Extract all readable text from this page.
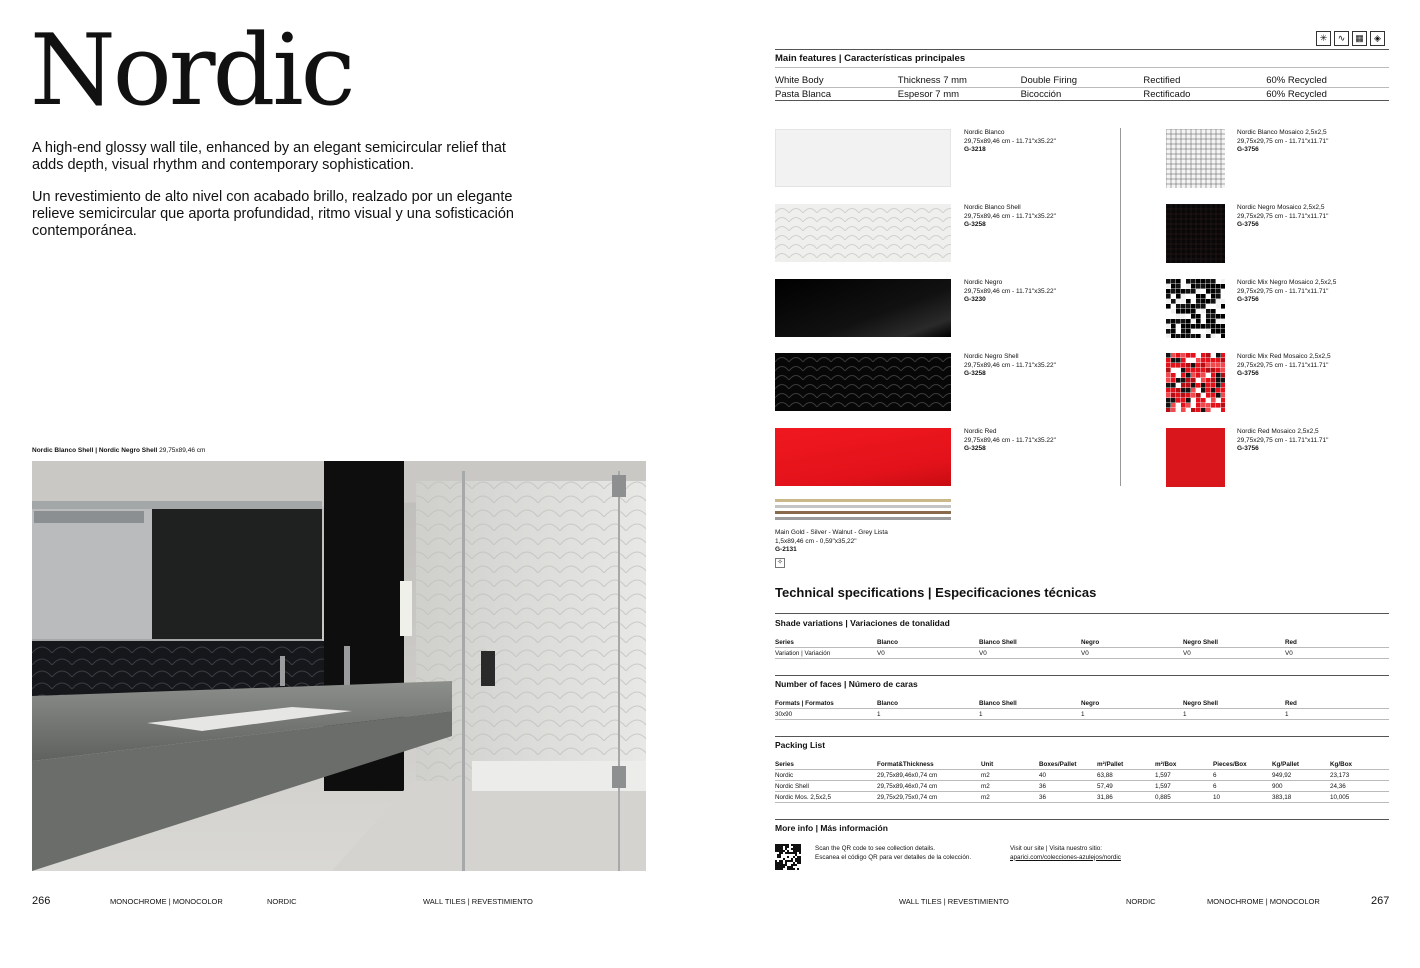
Nordic

A high-end glossy wall tile, enhanced by an elegant semicircular relief that adds depth, visual rhythm and contemporary sophistication.

Un revestimiento de alto nivel con acabado brillo, realzado por un elegante relieve semicircular que aporta profundidad, ritmo visual y una sofisticación contemporánea.

Nordic Blanco Shell | Nordic Negro Shell 29,75x89,46 cm
266	MONOCHROME | MONOCOLOR	NORDIC	WALL TILES | REVESTIMIENTO
✳	∿	▦	◈
Main features | Características principales
White Body	Thickness 7 mm	Double Firing	Rectified	60% Recycled
Pasta Blanca	Espesor 7 mm	Bicocción	Rectificado	60% Recycled
Nordic Blanco
29,75x89,46 cm - 11.71"x35.22"
G-3218
Nordic Blanco Shell
29,75x89,46 cm - 11.71"x35.22"
G-3258
Nordic Negro
29,75x89,46 cm - 11.71"x35.22"
G-3230
Nordic Negro Shell
29,75x89,46 cm - 11.71"x35.22"
G-3258
Nordic Red
29,75x89,46 cm - 11.71"x35.22"
G-3258
Main Gold - Silver - Walnut - Grey Lista
1,5x89,46 cm - 0,59"x35,22"
G-2131
✧
Nordic Blanco Mosaico 2,5x2,5
29,75x29,75 cm - 11.71"x11.71"
G-3756
Nordic Negro Mosaico 2,5x2,5
29,75x29,75 cm - 11.71"x11.71"
G-3756
Nordic Mix Negro Mosaico 2,5x2,5
29,75x29,75 cm - 11.71"x11.71"
G-3756
Nordic Mix Red Mosaico 2,5x2,5
29,75x29,75 cm - 11.71"x11.71"
G-3756
Nordic Red Mosaico 2,5x2,5
29,75x29,75 cm - 11.71"x11.71"
G-3756
Technical specifications | Especificaciones técnicas
Shade variations | Variaciones de tonalidad
Series	Blanco	Blanco Shell	Negro	Negro Shell	Red
Variation | Variación	V0	V0	V0	V0	V0
Number of faces | Número de caras
Formats | Formatos	Blanco	Blanco Shell	Negro	Negro Shell	Red
30x90	1	1	1	1	1
Packing List
Series	Format&Thickness	Unit	Boxes/Pallet	m²/Pallet	m²/Box	Pieces/Box	Kg/Pallet	Kg/Box
Nordic	29,75x89,46x0,74 cm	m2	40	63,88	1,597	6	949,92	23,173
Nordic Shell	29,75x89,46x0,74 cm	m2	36	57,49	1,597	6	900	24,36
Nordic Mos. 2,5x2,5	29,75x29,75x0,74 cm	m2	36	31,86	0,885	10	383,18	10,005
More info | Más información
Scan the QR code to see collection details.
Escanea el código QR para ver detalles de la colección.
Visit our site | Visita nuestro sitio:
aparici.com/colecciones-azulejos/nordic
WALL TILES | REVESTIMIENTO	NORDIC	MONOCHROME | MONOCOLOR	267
